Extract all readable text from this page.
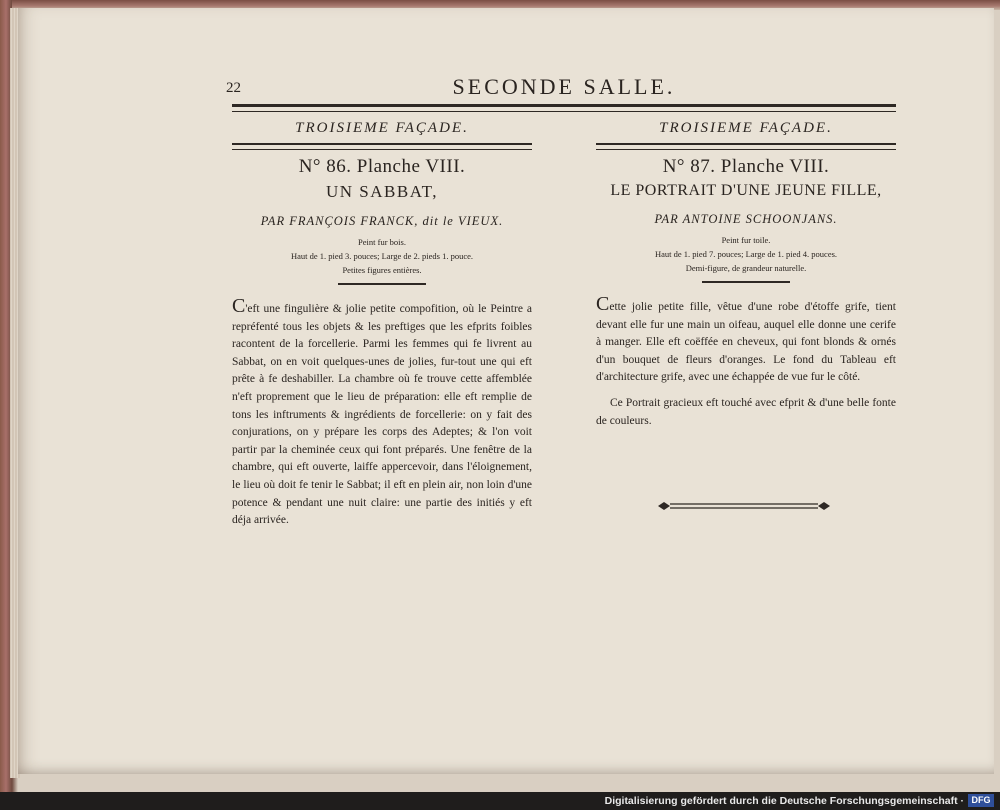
22	SECONDE SALLE.
TROISIEME FAÇADE.
N° 86. Planche VIII.
UN SABBAT,
PAR FRANÇOIS FRANCK, dit le VIEUX.
Peint fur bois.
Haut de 1. pied 3. pouces; Large de 2. pieds 1. pouce.
Petites figures entières.

C'eft une fingulière & jolie petite compofition, où le Peintre a repréfenté tous les objets & les preftiges que les efprits foibles racontent de la forcellerie. Parmi les femmes qui fe livrent au Sabbat, on en voit quelques-unes de jolies, fur-tout une qui eft prête à fe deshabiller. La chambre où fe trouve cette affemblée n'eft proprement que le lieu de préparation: elle eft remplie de tons les inftruments & ingrédients de forcellerie: on y fait des conjurations, on y prépare les corps des Adeptes; & l'on voit partir par la cheminée ceux qui font préparés. Une fenêtre de la chambre, qui eft ouverte, laiffe appercevoir, dans l'éloignement, le lieu où doit fe tenir le Sabbat; il eft en plein air, non loin d'une potence & pendant une nuit claire: une partie des initiés y eft déja arrivée.

TROISIEME FAÇADE.
N° 87. Planche VIII.
LE PORTRAIT D'UNE JEUNE FILLE,
PAR ANTOINE SCHOONJANS.
Peint fur toile.
Haut de 1. pied 7. pouces; Large de 1. pied 4. pouces.
Demi-figure, de grandeur naturelle.

Cette jolie petite fille, vêtue d'une robe d'étoffe grife, tient devant elle fur une main un oifeau, auquel elle donne une cerife à manger. Elle eft coëffée en cheveux, qui font blonds & ornés d'un bouquet de fleurs d'oranges. Le fond du Tableau eft d'architecture grife, avec une échappée de vue fur le côté.

Ce Portrait gracieux eft touché avec efprit & d'une belle fonte de couleurs.

Digitalisierung gefördert durch die Deutsche Forschungsgemeinschaft · DFG
